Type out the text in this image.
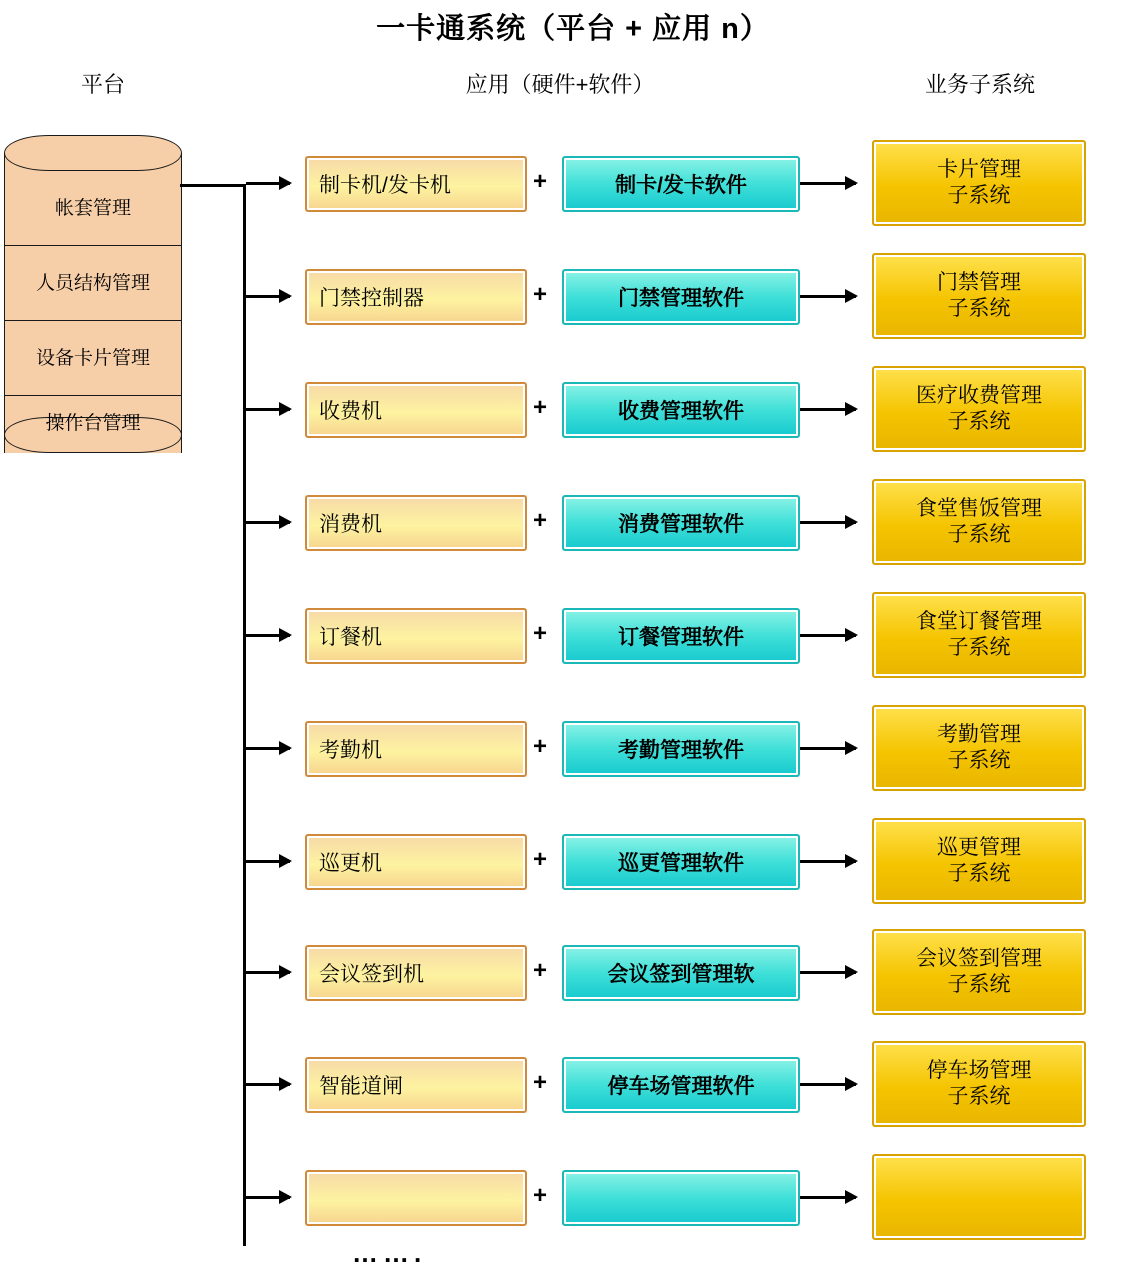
一卡通系统（平台 + 应用 n）
平台	应用（硬件+软件）	业务子系统
帐套管理
人员结构管理
设备卡片管理
操作台管理
制卡机/发卡机	+	制卡/发卡软件
卡片管理
子系统
门禁控制器	+	门禁管理软件
门禁管理
子系统
收费机	+	收费管理软件
医疗收费管理
子系统
消费机	+	消费管理软件
食堂售饭管理
子系统
订餐机	+	订餐管理软件
食堂订餐管理
子系统
考勤机	+	考勤管理软件
考勤管理
子系统
巡更机	+	巡更管理软件
巡更管理
子系统
会议签到机	+	会议签到管理软
会议签到管理
子系统
智能道闸	+	停车场管理软件
停车场管理
子系统
+
…….
